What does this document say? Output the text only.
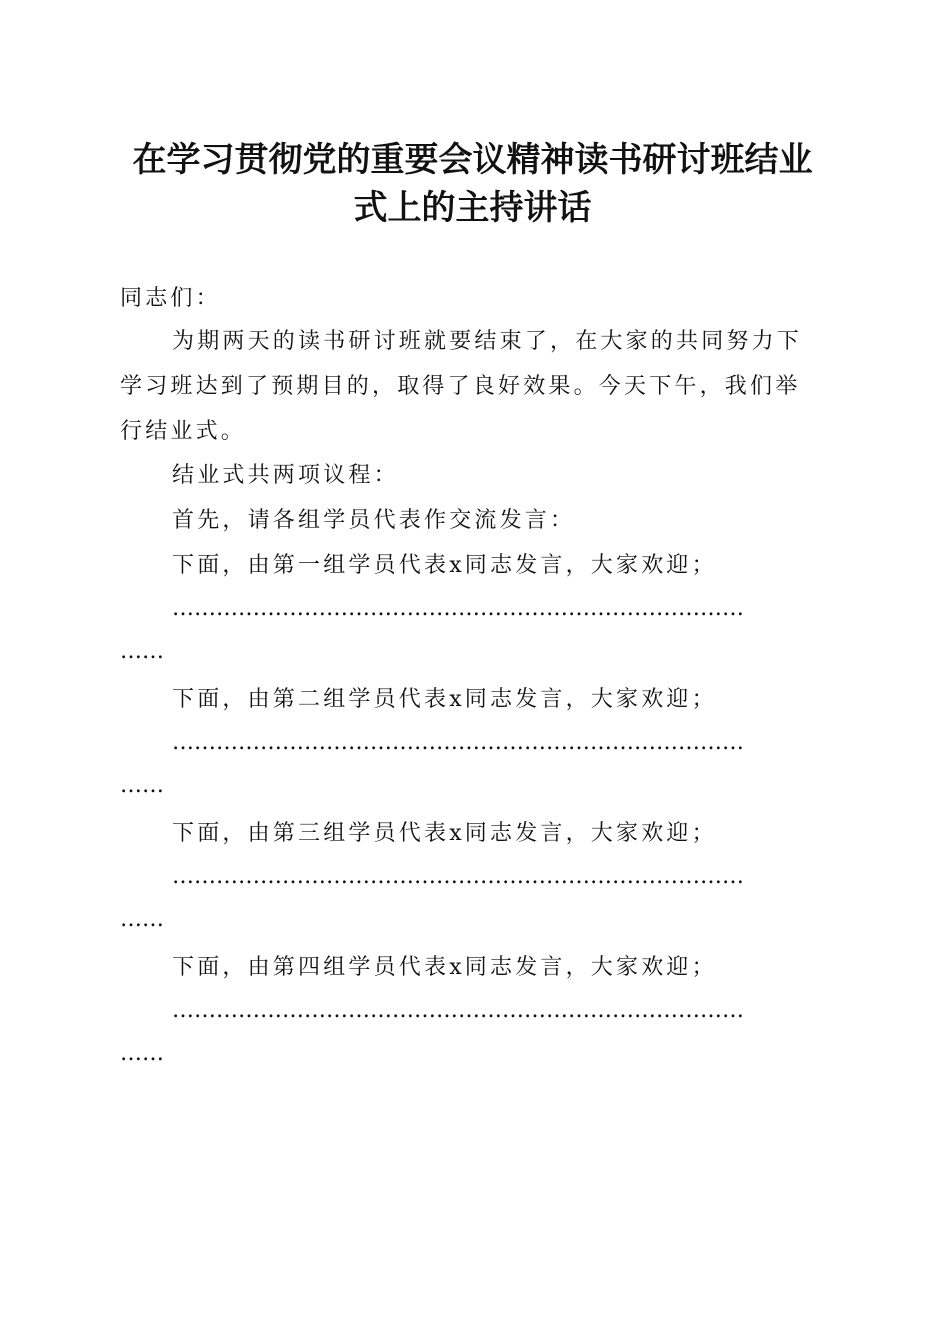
在学习贯彻党的重要会议精神读书研讨班结业
式上的主持讲话

同志们：

为期两天的读书研讨班就要结束了，在大家的共同努力下

学习班达到了预期目的，取得了良好效果。今天下午，我们举

行结业式。

结业式共两项议程：

首先，请各组学员代表作交流发言：

下面，由第一组学员代表x同志发言，大家欢迎；

……………………………………………………………………
……

下面，由第二组学员代表x同志发言，大家欢迎；

……………………………………………………………………
……

下面，由第三组学员代表x同志发言，大家欢迎；

……………………………………………………………………
……

下面，由第四组学员代表x同志发言，大家欢迎；

……………………………………………………………………
……
